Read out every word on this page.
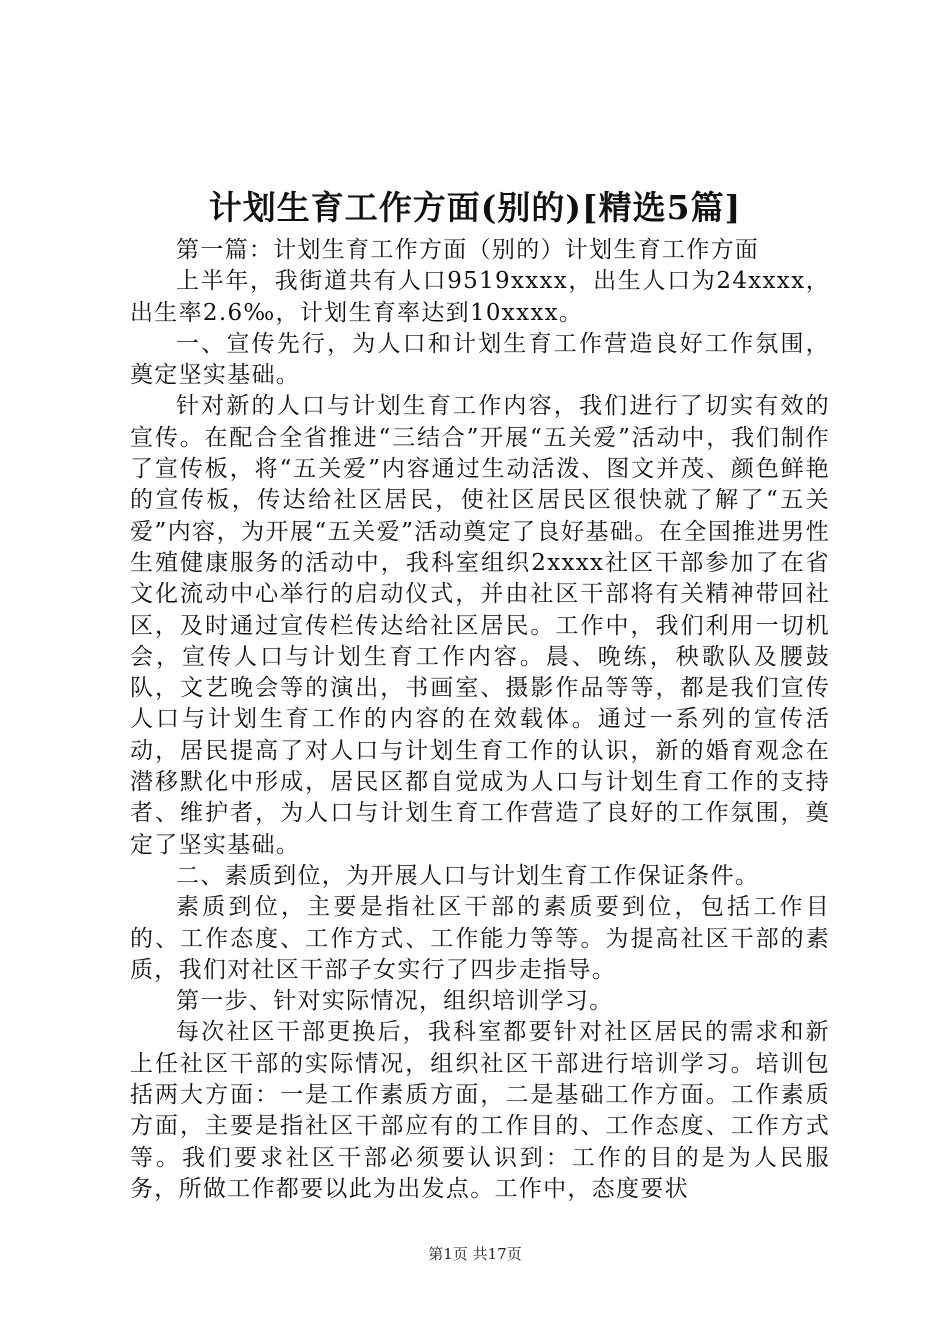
计划生育工作方面(别的)[精选5篇]

第一篇：计划生育工作方面（别的）计划生育工作方面

上半年，我街道共有人口9519xxxx，出生人口为24xxxx，出生率2.6‰，计划生育率达到10xxxx。

一、宣传先行，为人口和计划生育工作营造良好工作氛围，奠定坚实基础。

针对新的人口与计划生育工作内容，我们进行了切实有效的宣传。在配合全省推进“三结合”开展“五关爱”活动中，我们制作了宣传板，将“五关爱”内容通过生动活泼、图文并茂、颜色鲜艳的宣传板，传达给社区居民，使社区居民区很快就了解了“五关爱”内容，为开展“五关爱”活动奠定了良好基础。在全国推进男性生殖健康服务的活动中，我科室组织2xxxx社区干部参加了在省文化流动中心举行的启动仪式，并由社区干部将有关精神带回社区，及时通过宣传栏传达给社区居民。工作中，我们利用一切机会，宣传人口与计划生育工作内容。晨、晚练，秧歌队及腰鼓队，文艺晚会等的演出，书画室、摄影作品等等，都是我们宣传人口与计划生育工作的内容的在效载体。通过一系列的宣传活动，居民提高了对人口与计划生育工作的认识，新的婚育观念在潜移默化中形成，居民区都自觉成为人口与计划生育工作的支持者、维护者，为人口与计划生育工作营造了良好的工作氛围，奠定了坚实基础。

二、素质到位，为开展人口与计划生育工作保证条件。

素质到位，主要是指社区干部的素质要到位，包括工作目的、工作态度、工作方式、工作能力等等。为提高社区干部的素质，我们对社区干部子女实行了四步走指导。

第一步、针对实际情况，组织培训学习。

每次社区干部更换后，我科室都要针对社区居民的需求和新上任社区干部的实际情况，组织社区干部进行培训学习。培训包括两大方面：一是工作素质方面，二是基础工作方面。工作素质方面，主要是指社区干部应有的工作目的、工作态度、工作方式等。我们要求社区干部必须要认识到：工作的目的是为人民服务，所做工作都要以此为出发点。工作中，态度要状

第1页 共17页
